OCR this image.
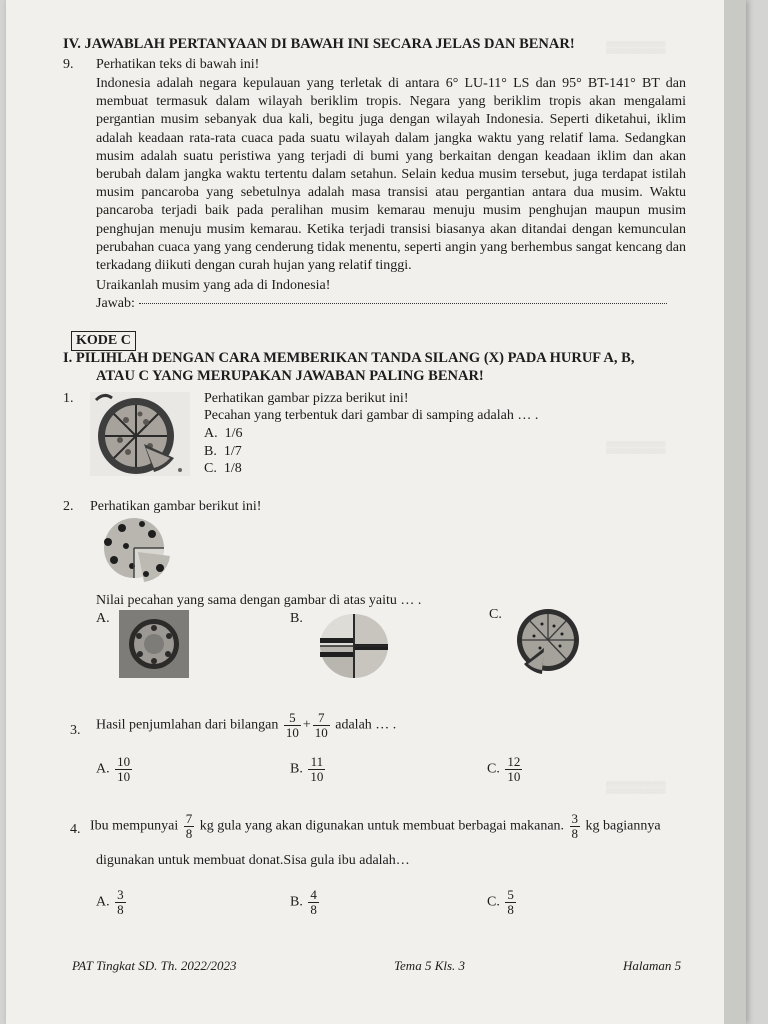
▒▒▒▒▒▒▒
▒▒▒▒▒▒▒
▒▒▒▒▒▒▒
IV. JAWABLAH PERTANYAAN DI BAWAH INI SECARA JELAS DAN BENAR!
9. Perhatikan teks di bawah ini!
Indonesia adalah negara kepulauan yang terletak di antara 6° LU-11° LS dan 95° BT-141° BT dan membuat termasuk dalam wilayah beriklim tropis. Negara yang beriklim tropis akan mengalami pergantian musim sebanyak dua kali, begitu juga dengan wilayah Indonesia. Seperti diketahui, iklim adalah keadaan rata-rata cuaca pada suatu wilayah dalam jangka waktu yang relatif lama. Sedangkan musim adalah suatu peristiwa yang terjadi di bumi yang berkaitan dengan keadaan iklim dan akan berubah dalam jangka waktu tertentu dalam setahun. Selain kedua musim tersebut, juga terdapat istilah musim pancaroba yang sebetulnya adalah masa transisi atau pergantian antara dua musim. Waktu pancaroba terjadi baik pada peralihan musim kemarau menuju musim penghujan maupun musim penghujan menuju musim kemarau. Ketika terjadi transisi biasanya akan ditandai dengan kemunculan perubahan cuaca yang yang cenderung tidak menentu, seperti angin yang berhembus sangat kencang dan terkadang diikuti dengan curah hujan yang relatif tinggi.
Uraikanlah musim yang ada di Indonesia!
Jawab:
KODE C
I. PILIHLAH DENGAN CARA MEMBERIKAN TANDA SILANG (X) PADA HURUF A, B,
ATAU C YANG MERUPAKAN JAWABAN PALING BENAR!
1.	Perhatikan gambar pizza berikut ini!
Pecahan yang terbentuk dari gambar di samping adalah … .
A. 1/6
B. 1/7
C. 1/8
2. Perhatikan gambar berikut ini!
Nilai pecahan yang sama dengan gambar di atas yaitu … .
A.	B.	C.
3. Hasil penjumlahan dari bilangan $\frac{5}{10} + \frac{7}{10}$ adalah … .
A. $\frac{10}{10}$	B. $\frac{11}{10}$	C. $\frac{12}{10}$
4. Ibu mempunyai $\frac{7}{8}$ kg gula yang akan digunakan untuk membuat berbagai makanan. $\frac{3}{8}$ kg bagiannya
digunakan untuk membuat donat.Sisa gula ibu adalah…
A. $\frac{3}{8}$	B. $\frac{4}{8}$	C. $\frac{5}{8}$
PAT Tingkat SD. Th. 2022/2023	Tema 5 Kls. 3	Halaman 5
